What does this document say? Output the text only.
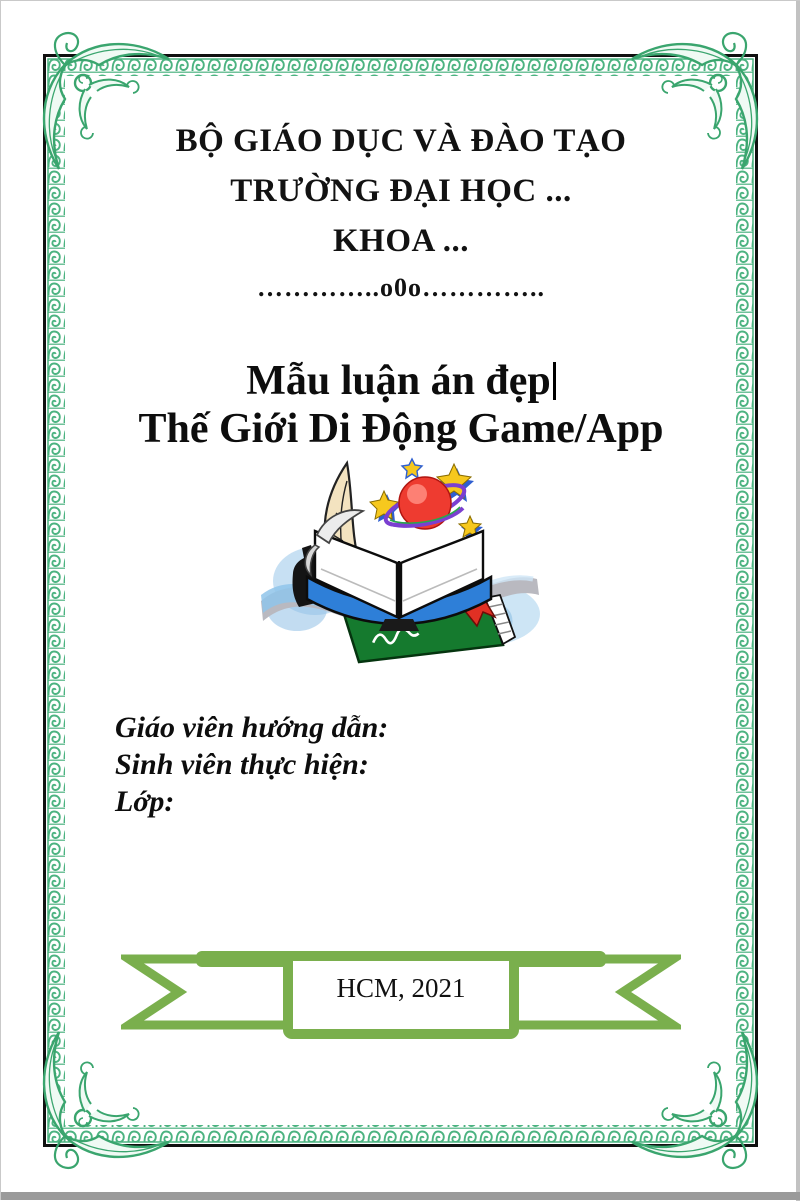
BỘ GIÁO DỤC VÀ ĐÀO TẠO
TRƯỜNG ĐẠI HỌC ...
KHOA ...
…………..o0o…………..
Mẫu luận án đẹp
Thế Giới Di Động Game/App
Giáo viên hướng dẫn:
Sinh viên thực hiện:
Lớp:
HCM, 2021
